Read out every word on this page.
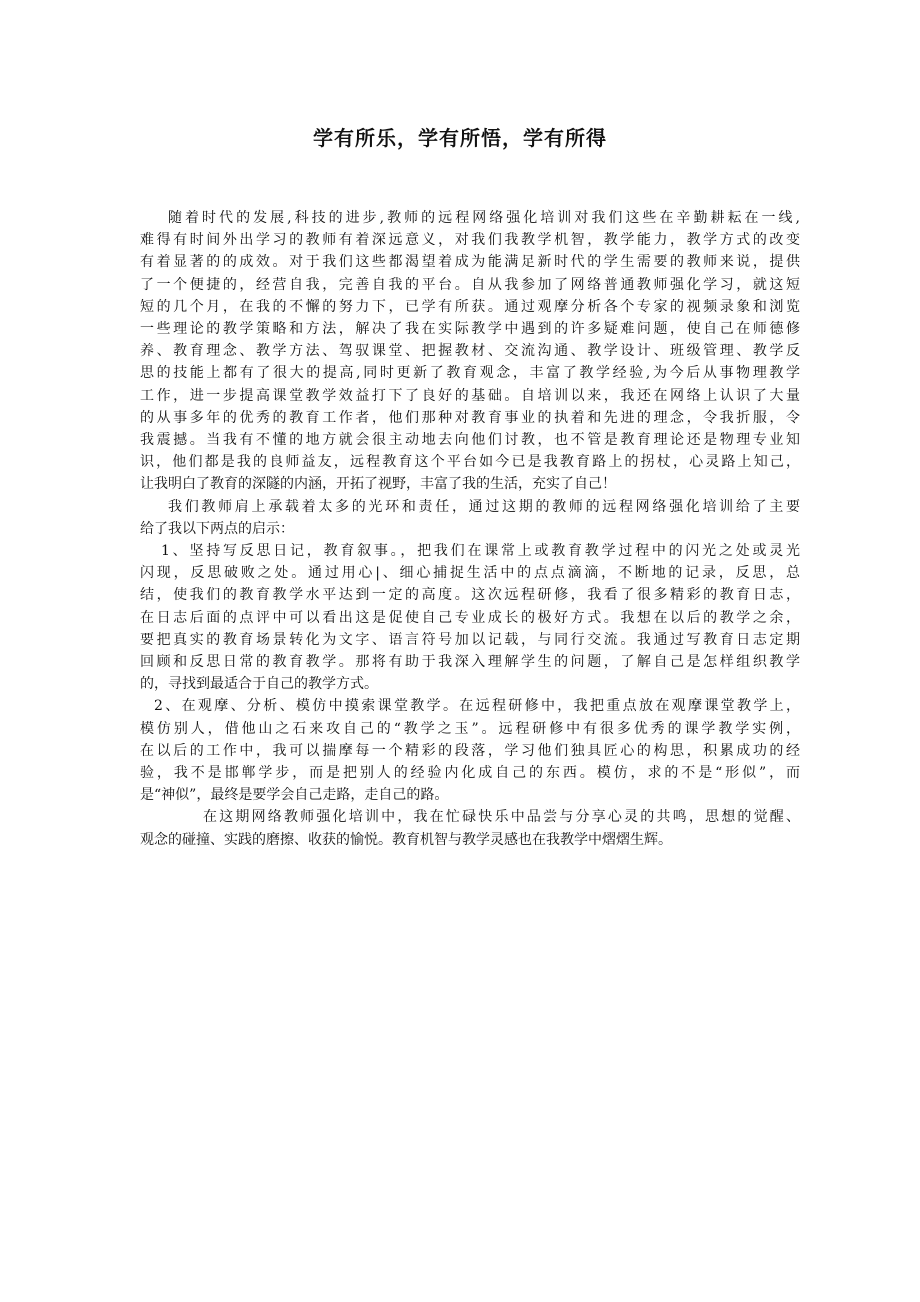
学有所乐，学有所悟，学有所得
随着时代的发展,科技的进步,教师的远程网络强化培训对我们这些在辛勤耕耘在一线,
难得有时间外出学习的教师有着深远意义，对我们我教学机智，教学能力，教学方式的改变
有着显著的的成效。对于我们这些都渴望着成为能满足新时代的学生需要的教师来说，提供
了一个便捷的，经营自我，完善自我的平台。自从我参加了网络普通教师强化学习，就这短
短的几个月，在我的不懈的努力下，已学有所获。通过观摩分析各个专家的视频录象和浏览
一些理论的教学策略和方法，解决了我在实际教学中遇到的许多疑难问题，使自己在师德修
养、教育理念、教学方法、驾驭课堂、把握教材、交流沟通、教学设计、班级管理、教学反
思的技能上都有了很大的提高,同时更新了教育观念，丰富了教学经验,为今后从事物理教学
工作，进一步提高课堂教学效益打下了良好的基础。自培训以来，我还在网络上认识了大量
的从事多年的优秀的教育工作者，他们那种对教育事业的执着和先进的理念，令我折服，令
我震撼。当我有不懂的地方就会很主动地去向他们讨教，也不管是教育理论还是物理专业知
识，他们都是我的良师益友，远程教育这个平台如今已是我教育路上的拐杖，心灵路上知己，
让我明白了教育的深隧的内涵，开拓了视野，丰富了我的生活，充实了自己！
我们教师肩上承载着太多的光环和责任，通过这期的教师的远程网络强化培训给了主要
给了我以下两点的启示：
1、坚持写反思日记，教育叙事。，把我们在课常上或教育教学过程中的闪光之处或灵光
闪现，反思破败之处。通过用心|、细心捕捉生活中的点点滴滴，不断地的记录，反思，总
结，使我们的教育教学水平达到一定的高度。这次远程研修，我看了很多精彩的教育日志，
在日志后面的点评中可以看出这是促使自己专业成长的极好方式。我想在以后的教学之余，
要把真实的教育场景转化为文字、语言符号加以记载，与同行交流。我通过写教育日志定期
回顾和反思日常的教育教学。那将有助于我深入理解学生的问题，了解自己是怎样组织教学
的，寻找到最适合于自己的教学方式。
2、在观摩、分析、模仿中摸索课堂教学。在远程研修中，我把重点放在观摩课堂教学上，
模仿别人，借他山之石来攻自己的“教学之玉”。远程研修中有很多优秀的课学教学实例，
在以后的工作中，我可以揣摩每一个精彩的段落，学习他们独具匠心的构思，积累成功的经
验，我不是邯郸学步，而是把别人的经验内化成自己的东西。模仿，求的不是“形似”，而
是“神似”，最终是要学会自己走路，走自己的路。
在这期网络教师强化培训中，我在忙碌快乐中品尝与分享心灵的共鸣，思想的觉醒、
观念的碰撞、实践的磨擦、收获的愉悦。教育机智与教学灵感也在我教学中熠熠生辉。
